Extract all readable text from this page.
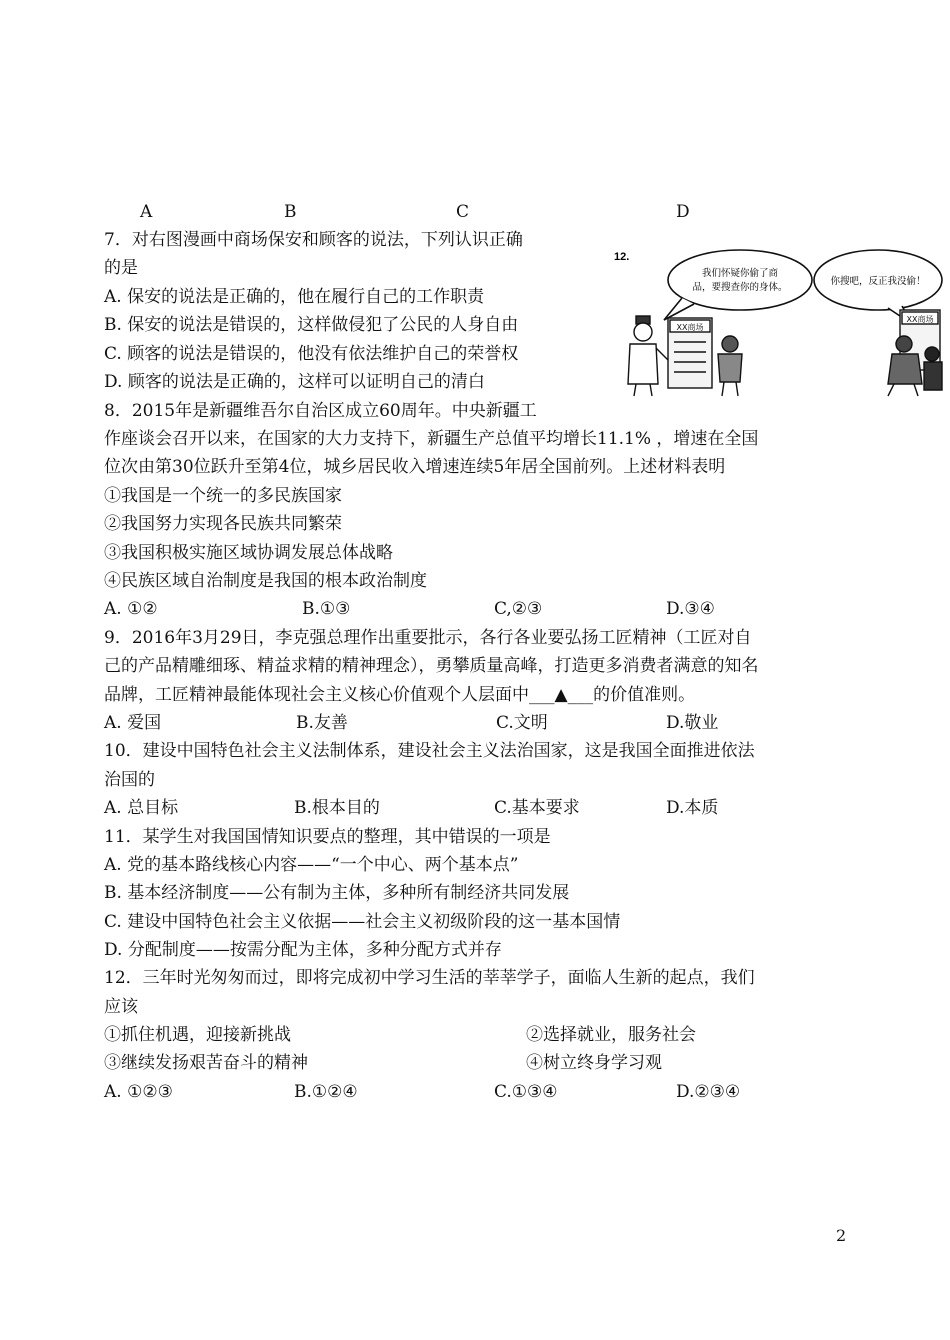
A	B	C	D
7．对右图漫画中商场保安和顾客的说法，下列认识正确
的是
A. 保安的说法是正确的，他在履行自己的工作职责
B. 保安的说法是错误的，这样做侵犯了公民的人身自由
C. 顾客的说法是错误的，他没有依法维护自己的荣誉权
D. 顾客的说法是正确的，这样可以证明自己的清白
12.
我们怀疑你偷了商
品，要搜查你的身体。
你搜吧，反正我没偷！
XX商场
XX商场
8．2015年是新疆维吾尔自治区成立60周年。中央新疆工
作座谈会召开以来，在国家的大力支持下，新疆生产总值平均增长11.1% ，增速在全国
位次由第30位跃升至第4位，城乡居民收入增速连续5年居全国前列。上述材料表明
①我国是一个统一的多民族国家
②我国努力实现各民族共同繁荣
③我国积极实施区域协调发展总体战略
④民族区域自治制度是我国的根本政治制度
A. ①②	B.①③	C,②③	D.③④
9．2016年3月29日，李克强总理作出重要批示，各行各业要弘扬工匠精神（工匠对自
己的产品精雕细琢、精益求精的精神理念），勇攀质量高峰，打造更多消费者满意的知名
品牌，工匠精神最能体现社会主义核心价值观个人层面中___▲___的价值准则。
A. 爱国	B.友善	C.文明	D.敬业
10．建设中国特色社会主义法制体系，建设社会主义法治国家，这是我国全面推进依法
治国的
A. 总目标	B.根本目的	C.基本要求	D.本质
11．某学生对我国国情知识要点的整理，其中错误的一项是
A. 党的基本路线核心内容——“一个中心、两个基本点”
B. 基本经济制度——公有制为主体，多种所有制经济共同发展
C. 建设中国特色社会主义依据——社会主义初级阶段的这一基本国情
D. 分配制度——按需分配为主体，多种分配方式并存
12．三年时光匆匆而过，即将完成初中学习生活的莘莘学子，面临人生新的起点，我们
应该
①抓住机遇，迎接新挑战	②选择就业，服务社会
③继续发扬艰苦奋斗的精神	④树立终身学习观
A. ①②③	B.①②④	C.①③④	D.②③④
2
